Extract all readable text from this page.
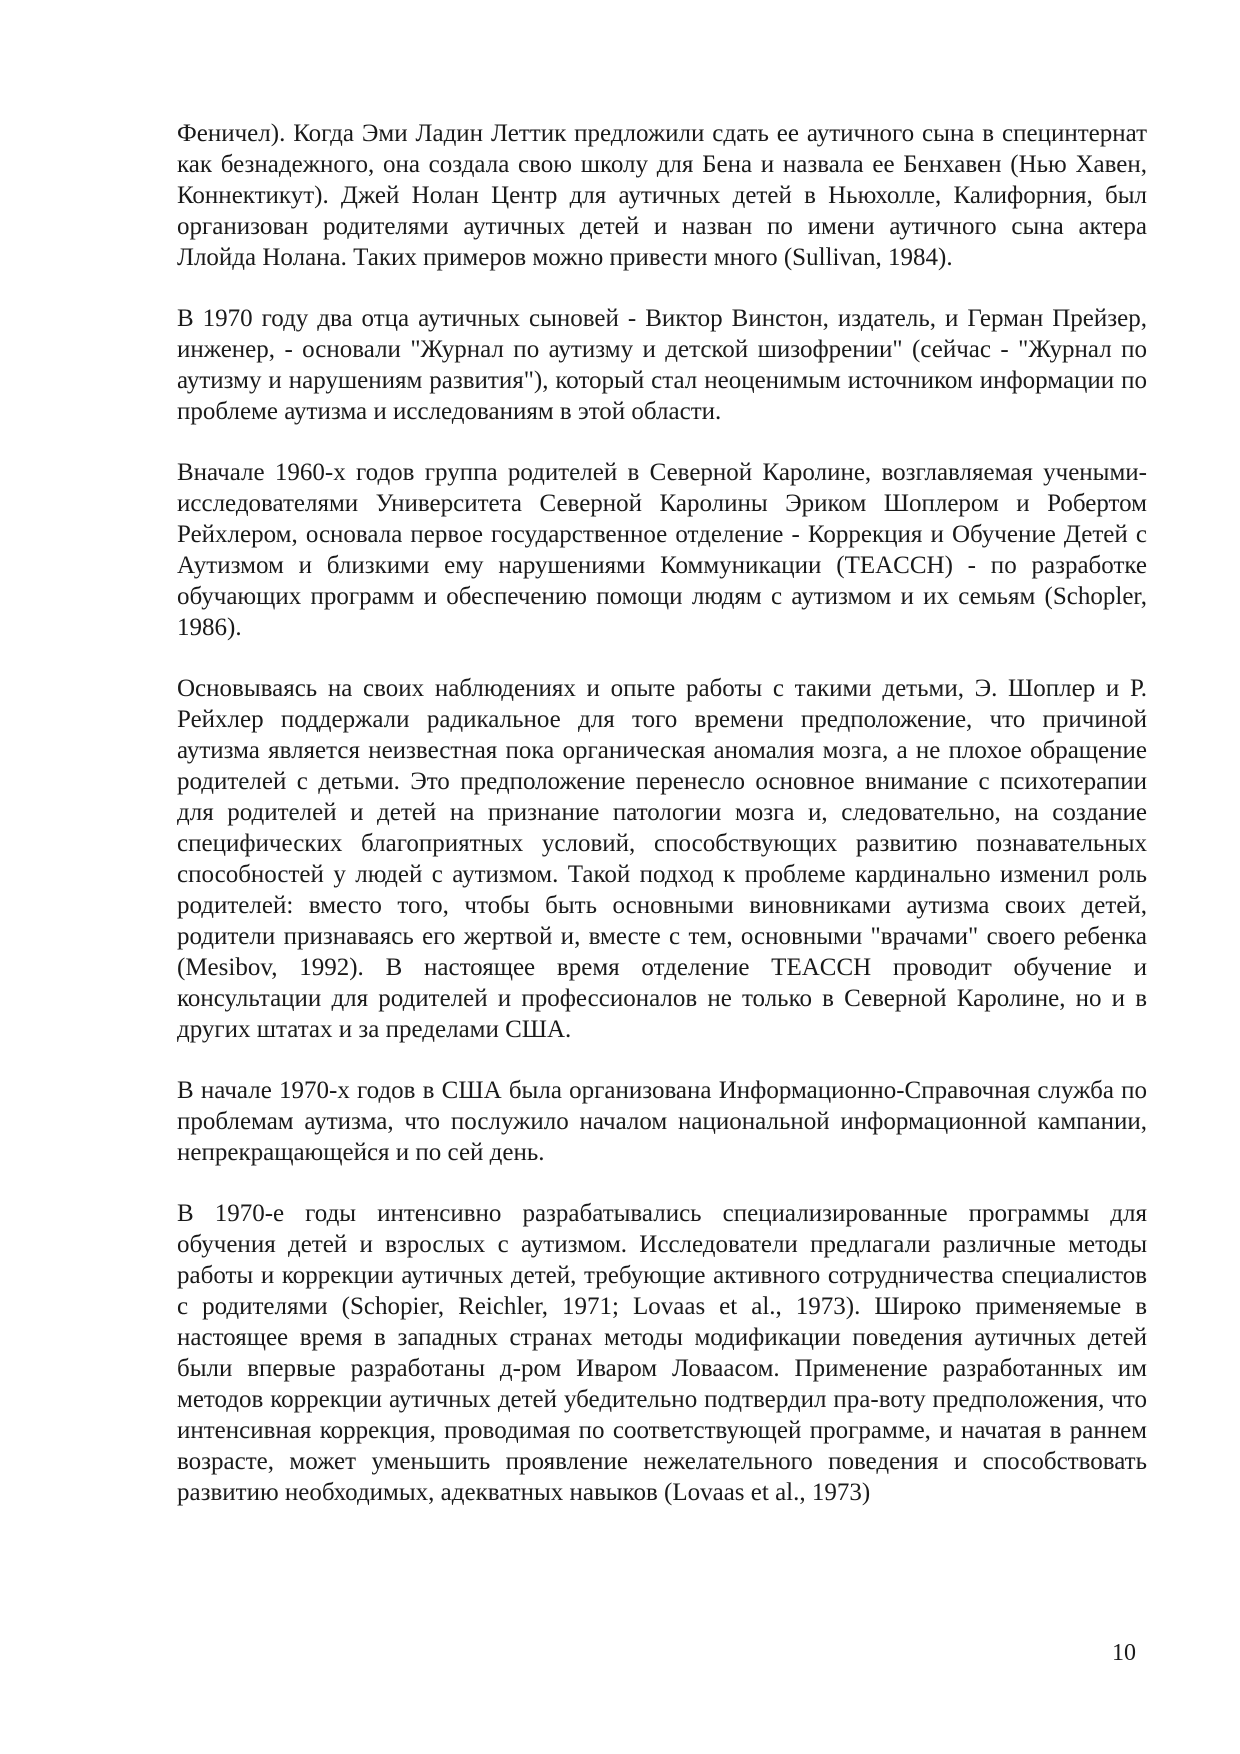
Феничел). Когда Эми Ладин Леттик предложили сдать ее аутичного сына в специнтернат как безнадежного, она создала свою школу для Бена и назвала ее Бенхавен (Нью Хавен, Коннектикут). Джей Нолан Центр для аутичных детей в Ньюхолле, Калифорния, был организован родителями аутичных детей и назван по имени аутичного сына актера Ллойда Нолана. Таких примеров можно привести много (Sullivan, 1984).

В 1970 году два отца аутичных сыновей - Виктор Винстон, издатель, и Герман Прейзер, инженер, - основали "Журнал по аутизму и детской шизофрении" (сейчас - "Журнал по аутизму и нарушениям развития"), который стал неоценимым источником информации по проблеме аутизма и исследованиям в этой области.

Вначале 1960-х годов группа родителей в Северной Каролине, возглавляемая учеными-исследователями Университета Северной Каролины Эриком Шоплером и Робертом Рейхлером, основала первое государственное отделение - Коррекция и Обучение Детей с Аутизмом и близкими ему нарушениями Коммуникации (TEACCH) - по разработке обучающих программ и обеспечению помощи людям с аутизмом и их семьям (Schopler, 1986).

Основываясь на своих наблюдениях и опыте работы с такими детьми, Э. Шоплер и Р. Рейхлер поддержали радикальное для того времени предположение, что причиной аутизма является неизвестная пока органическая аномалия мозга, а не плохое обращение родителей с детьми. Это предположение перенесло основное внимание с психотерапии для родителей и детей на признание патологии мозга и, следовательно, на создание специфических благоприятных условий, способствующих развитию познавательных способностей у людей с аутизмом. Такой подход к проблеме кардинально изменил роль родителей: вместо того, чтобы быть основными виновниками аутизма своих детей, родители признаваясь его жертвой и, вместе с тем, основными "врачами" своего ребенка (Mesibov, 1992). В настоящее время отделение TEACCH проводит обучение и консультации для родителей и профессионалов не только в Северной Каролине, но и в других штатах и за пределами США.

В начале 1970-х годов в США была организована Информационно-Справочная служба по проблемам аутизма, что послужило началом национальной информационной кампании, непрекращающейся и по сей день.

В 1970-е годы интенсивно разрабатывались специализированные программы для обучения детей и взрослых с аутизмом. Исследователи предлагали различные методы работы и коррекции аутичных детей, требующие активного сотрудничества специалистов с родителями (Schopier, Reichler, 1971; Lovaas et al., 1973). Широко применяемые в настоящее время в западных странах методы модификации поведения аутичных детей были впервые разработаны д-ром Иваром Ловаасом. Применение разработанных им методов коррекции аутичных детей убедительно подтвердил пра-воту предположения, что интенсивная коррекция, проводимая по соответствующей программе, и начатая в раннем возрасте, может уменьшить проявление нежелательного поведения и способствовать развитию необходимых, адекватных навыков (Lovaas et al., 1973)

10
